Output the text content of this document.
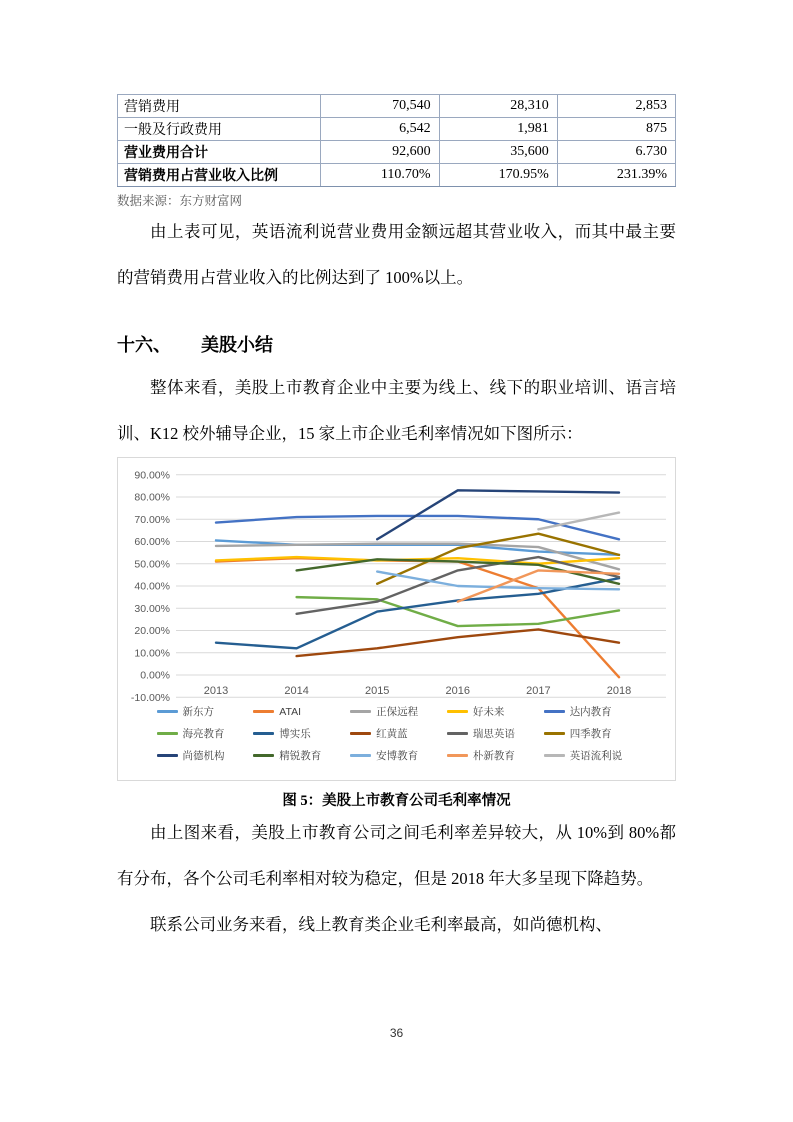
营销费用	70,540	28,310	2,853
一般及行政费用	6,542	1,981	875
营业费用合计	92,600	35,600	6.730
营销费用占营业收入比例	110.70%	170.95%	231.39%
数据来源：东方财富网

由上表可见，英语流利说营业费用金额远超其营业收入，而其中最主要的营销费用占营业收入的比例达到了 100%以上。

十六、 美股小结

整体来看，美股上市教育企业中主要为线上、线下的职业培训、语言培训、K12 校外辅导企业，15 家上市企业毛利率情况如下图所示：

-10.00%
0.00%
10.00%
20.00%
30.00%
40.00%
50.00%
60.00%
70.00%
80.00%
90.00%
2013	2014	2015	2016	2017	2018
新东方	ATAI	正保远程	好未来	达内教育
海亮教育	博实乐	红黄蓝	瑞思英语	四季教育
尚德机构	精锐教育	安博教育	朴新教育	英语流利说
图 5：美股上市教育公司毛利率情况

由上图来看，美股上市教育公司之间毛利率差异较大，从 10%到 80%都有分布，各个公司毛利率相对较为稳定，但是 2018 年大多呈现下降趋势。

联系公司业务来看，线上教育类企业毛利率最高，如尚德机构、

36
